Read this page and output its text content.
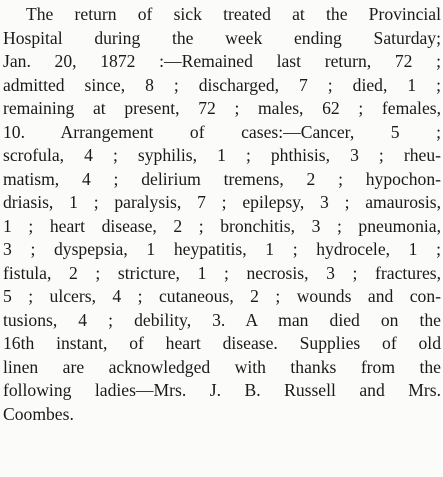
The return of sick treated at the Provincial
Hospital during the week ending Saturday;
Jan. 20, 1872 :—Remained last return, 72 ;
admitted since, 8 ; discharged, 7 ; died, 1 ;
remaining at present, 72 ; males, 62 ; females,
10. Arrangement of cases:—Cancer, 5 ;
scrofula, 4 ; syphilis, 1 ; phthisis, 3 ; rheu-
matism, 4 ; delirium tremens, 2 ; hypochon-
driasis, 1 ; paralysis, 7 ; epilepsy, 3 ; amaurosis,
1 ; heart disease, 2 ; bronchitis, 3 ; pneumonia,
3 ; dyspepsia, 1 heypatitis, 1 ; hydrocele, 1 ;
fistula, 2 ; stricture, 1 ; necrosis, 3 ; fractures,
5 ; ulcers, 4 ; cutaneous, 2 ; wounds and con-
tusions, 4 ; debility, 3. A man died on the
16th instant, of heart disease. Supplies of old
linen are acknowledged with thanks from the
following ladies—Mrs. J. B. Russell and Mrs.
Coombes.
